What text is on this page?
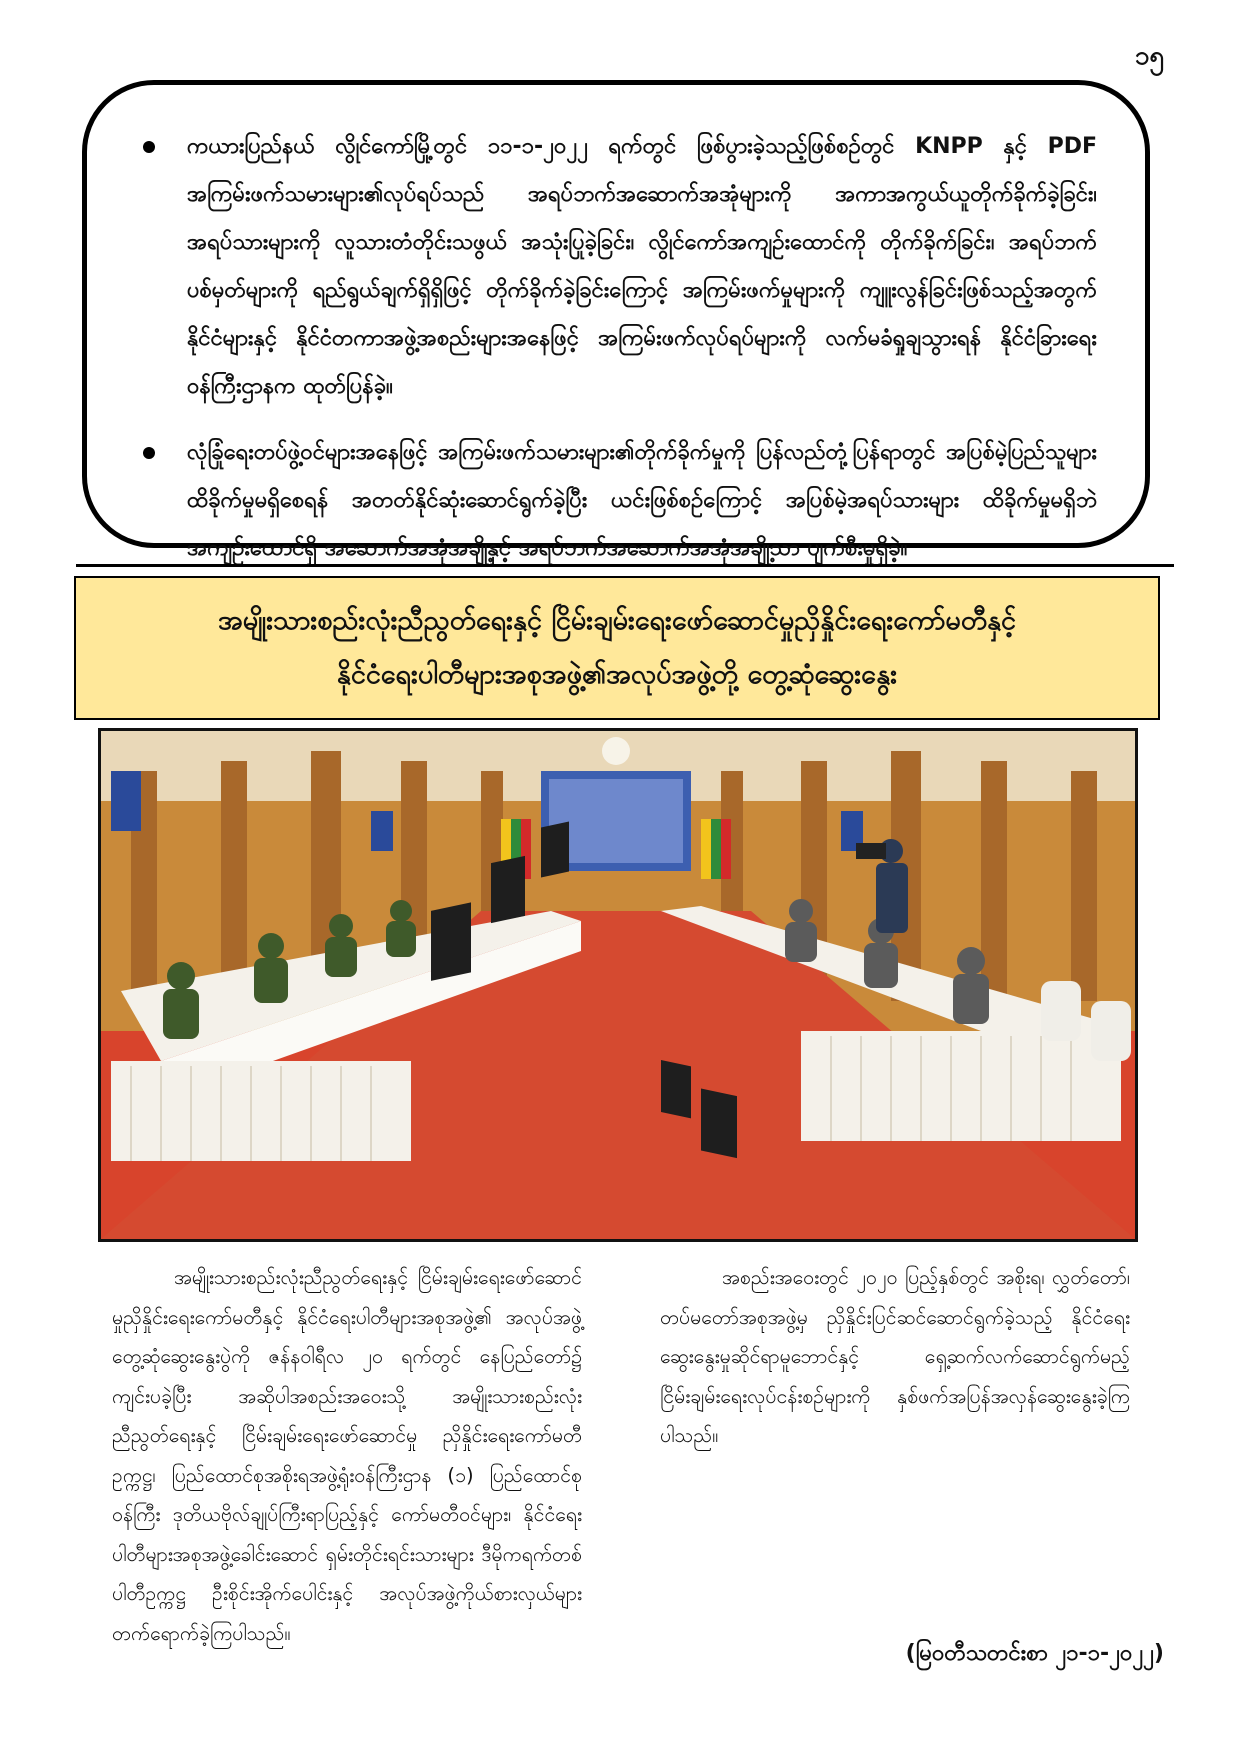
၁၅
ကယားပြည်နယ် လွိုင်ကော်မြို့တွင် ၁၁-၁-၂၀၂၂ ရက်တွင် ဖြစ်ပွားခဲ့သည့်ဖြစ်စဉ်တွင် KNPP နှင့် PDF အကြမ်းဖက်သမားများ၏လုပ်ရပ်သည် အရပ်ဘက်အဆောက်အအုံများကို အကာအကွယ်ယူတိုက်ခိုက်ခဲ့ခြင်း၊ အရပ်သားများကို လူသားတံတိုင်းသဖွယ် အသုံးပြုခဲ့ခြင်း၊ လွိုင်ကော်အကျဉ်းထောင်ကို တိုက်ခိုက်ခြင်း၊ အရပ်ဘက်ပစ်မှတ်များကို ရည်ရွယ်ချက်ရှိရှိဖြင့် တိုက်ခိုက်ခဲ့ခြင်းကြောင့် အကြမ်းဖက်မှုများကို ကျူးလွန်ခြင်းဖြစ်သည့်အတွက် နိုင်ငံများနှင့် နိုင်ငံတကာအဖွဲ့အစည်းများအနေဖြင့် အကြမ်းဖက်လုပ်ရပ်များကို လက်မခံရှုချသွားရန် နိုင်ငံခြားရေးဝန်ကြီးဌာနက ထုတ်ပြန်ခဲ့။
လုံခြုံရေးတပ်ဖွဲ့ဝင်များအနေဖြင့် အကြမ်းဖက်သမားများ၏တိုက်ခိုက်မှုကို ပြန်လည်တုံ့ပြန်ရာတွင် အပြစ်မဲ့ပြည်သူများထိခိုက်မှုမရှိစေရန် အတတ်နိုင်ဆုံးဆောင်ရွက်ခဲ့ပြီး ယင်းဖြစ်စဉ်ကြောင့် အပြစ်မဲ့အရပ်သားများ ထိခိုက်မှုမရှိဘဲ အကျဉ်းထောင်ရှိ အဆောက်အအုံအချို့နှင့် အရပ်ဘက်အဆောက်အအုံအချို့သာ ပျက်စီးမှုရှိခဲ့။
အမျိုးသားစည်းလုံးညီညွတ်ရေးနှင့် ငြိမ်းချမ်းရေးဖော်ဆောင်မှုညှိနှိုင်းရေးကော်မတီနှင့်
နိုင်ငံရေးပါတီများအစုအဖွဲ့၏အလုပ်အဖွဲ့တို့ တွေ့ဆုံဆွေးနွေး

အမျိုးသားစည်းလုံးညီညွတ်ရေးနှင့် ငြိမ်းချမ်းရေးဖော်ဆောင်မှုညှိနှိုင်းရေးကော်မတီနှင့် နိုင်ငံရေးပါတီများအစုအဖွဲ့၏ အလုပ်အဖွဲ့တွေ့ဆုံဆွေးနွေးပွဲကို ဇန်နဝါရီလ ၂၀ ရက်တွင် နေပြည်တော်၌ ကျင်းပခဲ့ပြီး အဆိုပါအစည်းအဝေးသို့ အမျိုးသားစည်းလုံးညီညွတ်ရေးနှင့် ငြိမ်းချမ်းရေးဖော်ဆောင်မှု ညှိနှိုင်းရေးကော်မတီဥက္ကဋ္ဌ၊ ပြည်ထောင်စုအစိုးရအဖွဲ့ရုံးဝန်ကြီးဌာန (၁) ပြည်ထောင်စုဝန်ကြီး ဒုတိယဗိုလ်ချုပ်ကြီးရာပြည့်နှင့် ကော်မတီဝင်များ၊ နိုင်ငံရေးပါတီများအစုအဖွဲ့ခေါင်းဆောင် ရှမ်းတိုင်းရင်းသားများ ဒီမိုကရက်တစ်ပါတီဥက္ကဋ္ဌ ဦးစိုင်းအိုက်ပေါင်းနှင့် အလုပ်အဖွဲ့ကိုယ်စားလှယ်များ တက်ရောက်ခဲ့ကြပါသည်။

အစည်းအဝေးတွင် ၂၀၂၀ ပြည့်နှစ်တွင် အစိုးရ၊ လွှတ်တော်၊ တပ်မတော်အစုအဖွဲ့မှ ညှိနှိုင်းပြင်ဆင်ဆောင်ရွက်ခဲ့သည့် နိုင်ငံရေးဆွေးနွေးမှုဆိုင်ရာမူဘောင်နှင့် ရှေ့ဆက်လက်ဆောင်ရွက်မည့်ငြိမ်းချမ်းရေးလုပ်ငန်းစဉ်များကို နှစ်ဖက်အပြန်အလှန်ဆွေးနွေးခဲ့ကြပါသည်။

(မြဝတီသတင်းစာ ၂၁-၁-၂၀၂၂)
